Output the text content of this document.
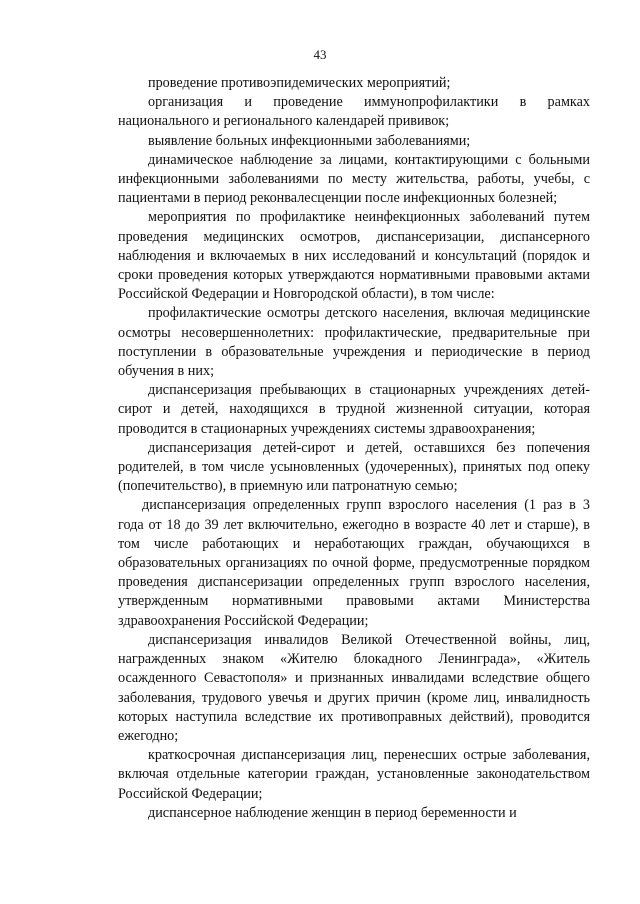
43

проведение противоэпидемических мероприятий;

организация и проведение иммунопрофилактики в рамках национального и регионального календарей прививок;

выявление больных инфекционными заболеваниями;

динамическое наблюдение за лицами, контактирующими с больными инфекционными заболеваниями по месту жительства, работы, учебы, с пациентами в период реконвалесценции после инфекционных болезней;

мероприятия по профилактике неинфекционных заболеваний путем проведения медицинских осмотров, диспансеризации, диспансерного наблюдения и включаемых в них исследований и консультаций (порядок и сроки проведения которых утверждаются нормативными правовыми актами Российской Федерации и Новгородской области), в том числе:

профилактические осмотры детского населения, включая медицинские осмотры несовершеннолетних: профилактические, предварительные при поступлении в образовательные учреждения и периодические в период обучения в них;

диспансеризация пребывающих в стационарных учреждениях детей-сирот и детей, находящихся в трудной жизненной ситуации, которая проводится в стационарных учреждениях системы здравоохранения;

диспансеризация детей-сирот и детей, оставшихся без попечения родителей, в том числе усыновленных (удочеренных), принятых под опеку (попечительство), в приемную или патронатную семью;

диспансеризация определенных групп взрослого населения (1 раз в 3 года от 18 до 39 лет включительно, ежегодно в возрасте 40 лет и старше), в том числе работающих и неработающих граждан, обучающихся в образовательных организациях по очной форме, предусмотренные порядком проведения диспансеризации определенных групп взрослого населения, утвержденным нормативными правовыми актами Министерства здравоохранения Российской Федерации;

диспансеризация инвалидов Великой Отечественной войны, лиц, награжденных знаком «Жителю блокадного Ленинграда», «Житель осажденного Севастополя» и признанных инвалидами вследствие общего заболевания, трудового увечья и других причин (кроме лиц, инвалидность которых наступила вследствие их противоправных действий), проводится ежегодно;

краткосрочная диспансеризация лиц, перенесших острые заболевания, включая отдельные категории граждан, установленные законодательством Российской Федерации;

диспансерное наблюдение женщин в период беременности и
